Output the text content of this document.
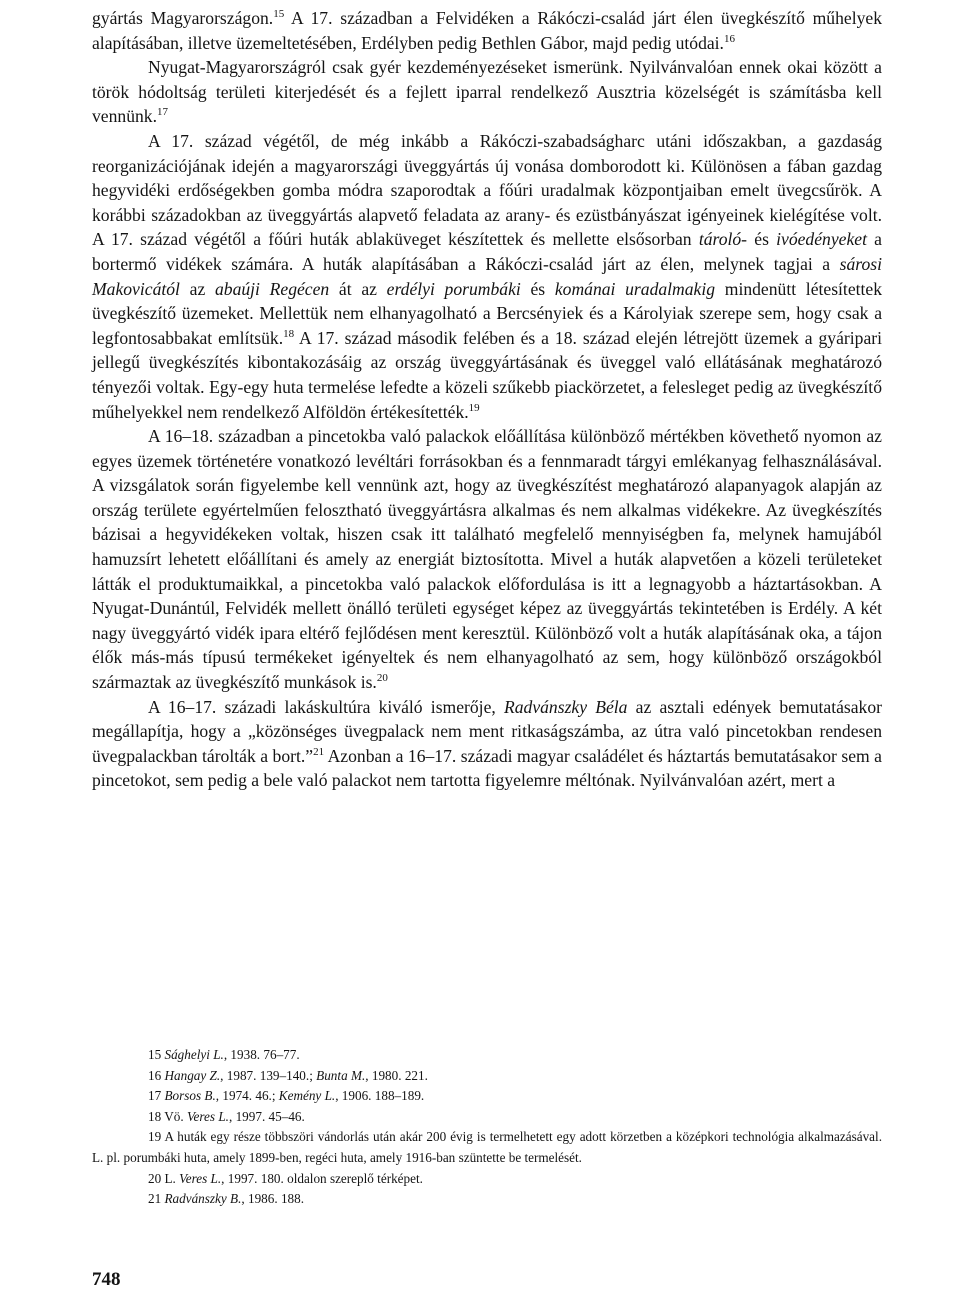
gyártás Magyarországon.$^{15}$ A 17. században a Felvidéken a Rákóczi-család járt élen üvegkészítő műhelyek alapításában, illetve üzemeltetésében, Erdélyben pedig Bethlen Gábor, majd pedig utódai.$^{16}$

Nyugat-Magyarországról csak gyér kezdeményezéseket ismerünk. Nyilvánvalóan ennek okai között a török hódoltság területi kiterjedését és a fejlett iparral rendelkező Ausztria közelségét is számításba kell vennünk.$^{17}$

A 17. század végétől, de még inkább a Rákóczi-szabadságharc utáni időszakban, a gazdaság reorganizációjának idején a magyarországi üveggyártás új vonása domborodott ki. Különösen a fában gazdag hegyvidéki erdőségekben gomba módra szaporodtak a főúri uradalmak központjaiban emelt üvegcsűrök. A korábbi századokban az üveggyártás alapvető feladata az arany- és ezüstbányászat igényeinek kielégítése volt. A 17. század végétől a főúri huták ablaküveget készítettek és mellette elsősorban tároló- és ivóedényeket a bortermő vidékek számára. A huták alapításában a Rákóczi-család járt az élen, melynek tagjai a sárosi Makovicától az abaúji Regécen át az erdélyi porumbáki és kománai uradalmakig mindenütt létesítettek üvegkészítő üzemeket. Mellettük nem elhanyagolható a Bercsényiek és a Károlyiak szerepe sem, hogy csak a legfontosabbakat említsük.$^{18}$ A 17. század második felében és a 18. század elején létrejött üzemek a gyáripari jellegű üvegkészítés kibontakozásáig az ország üveggyártásának és üveggel való ellátásának meghatározó tényezői voltak. Egy-egy huta termelése lefedte a közeli szűkebb piackörzetet, a felesleget pedig az üvegkészítő műhelyekkel nem rendelkező Alföldön értékesítették.$^{19}$

A 16–18. században a pincetokba való palackok előállítása különböző mértékben követhető nyomon az egyes üzemek történetére vonatkozó levéltári forrásokban és a fennmaradt tárgyi emlékanyag felhasználásával. A vizsgálatok során figyelembe kell vennünk azt, hogy az üvegkészítést meghatározó alapanyagok alapján az ország területe egyértelműen felosztható üveggyártásra alkalmas és nem alkalmas vidékekre. Az üvegkészítés bázisai a hegyvidékeken voltak, hiszen csak itt található megfelelő mennyiségben fa, melynek hamujából hamuzsírt lehetett előállítani és amely az energiát biztosította. Mivel a huták alapvetően a közeli területeket látták el produktumaikkal, a pincetokba való palackok előfordulása is itt a legnagyobb a háztartásokban. A Nyugat-Dunántúl, Felvidék mellett önálló területi egységet képez az üveggyártás tekintetében is Erdély. A két nagy üveggyártó vidék ipara eltérő fejlődésen ment keresztül. Különböző volt a huták alapításának oka, a tájon élők más-más típusú termékeket igényeltek és nem elhanyagolható az sem, hogy különböző országokból származtak az üvegkészítő munkások is.$^{20}$

A 16–17. századi lakáskultúra kiváló ismerője, Radvánszky Béla az asztali edények bemutatásakor megállapítja, hogy a „közönséges üvegpalack nem ment ritkaságszámba, az útra való pincetokban rendesen üvegpalackban tárolták a bort.”$^{21}$ Azonban a 16–17. századi magyar családélet és háztartás bemutatásakor sem a pincetokot, sem pedig a bele való palackot nem tartotta figyelemre méltónak. Nyilvánvalóan azért, mert a

15 Sághelyi L., 1938. 76–77.

16 Hangay Z., 1987. 139–140.; Bunta M., 1980. 221.

17 Borsos B., 1974. 46.; Kemény L., 1906. 188–189.

18 Vö. Veres L., 1997. 45–46.

19 A huták egy része többszöri vándorlás után akár 200 évig is termelhetett egy adott körzetben a középkori technológia alkalmazásával. L. pl. porumbáki huta, amely 1899-ben, regéci huta, amely 1916-ban szüntette be termelését.

20 L. Veres L., 1997. 180. oldalon szereplő térképet.

21 Radvánszky B., 1986. 188.

748
